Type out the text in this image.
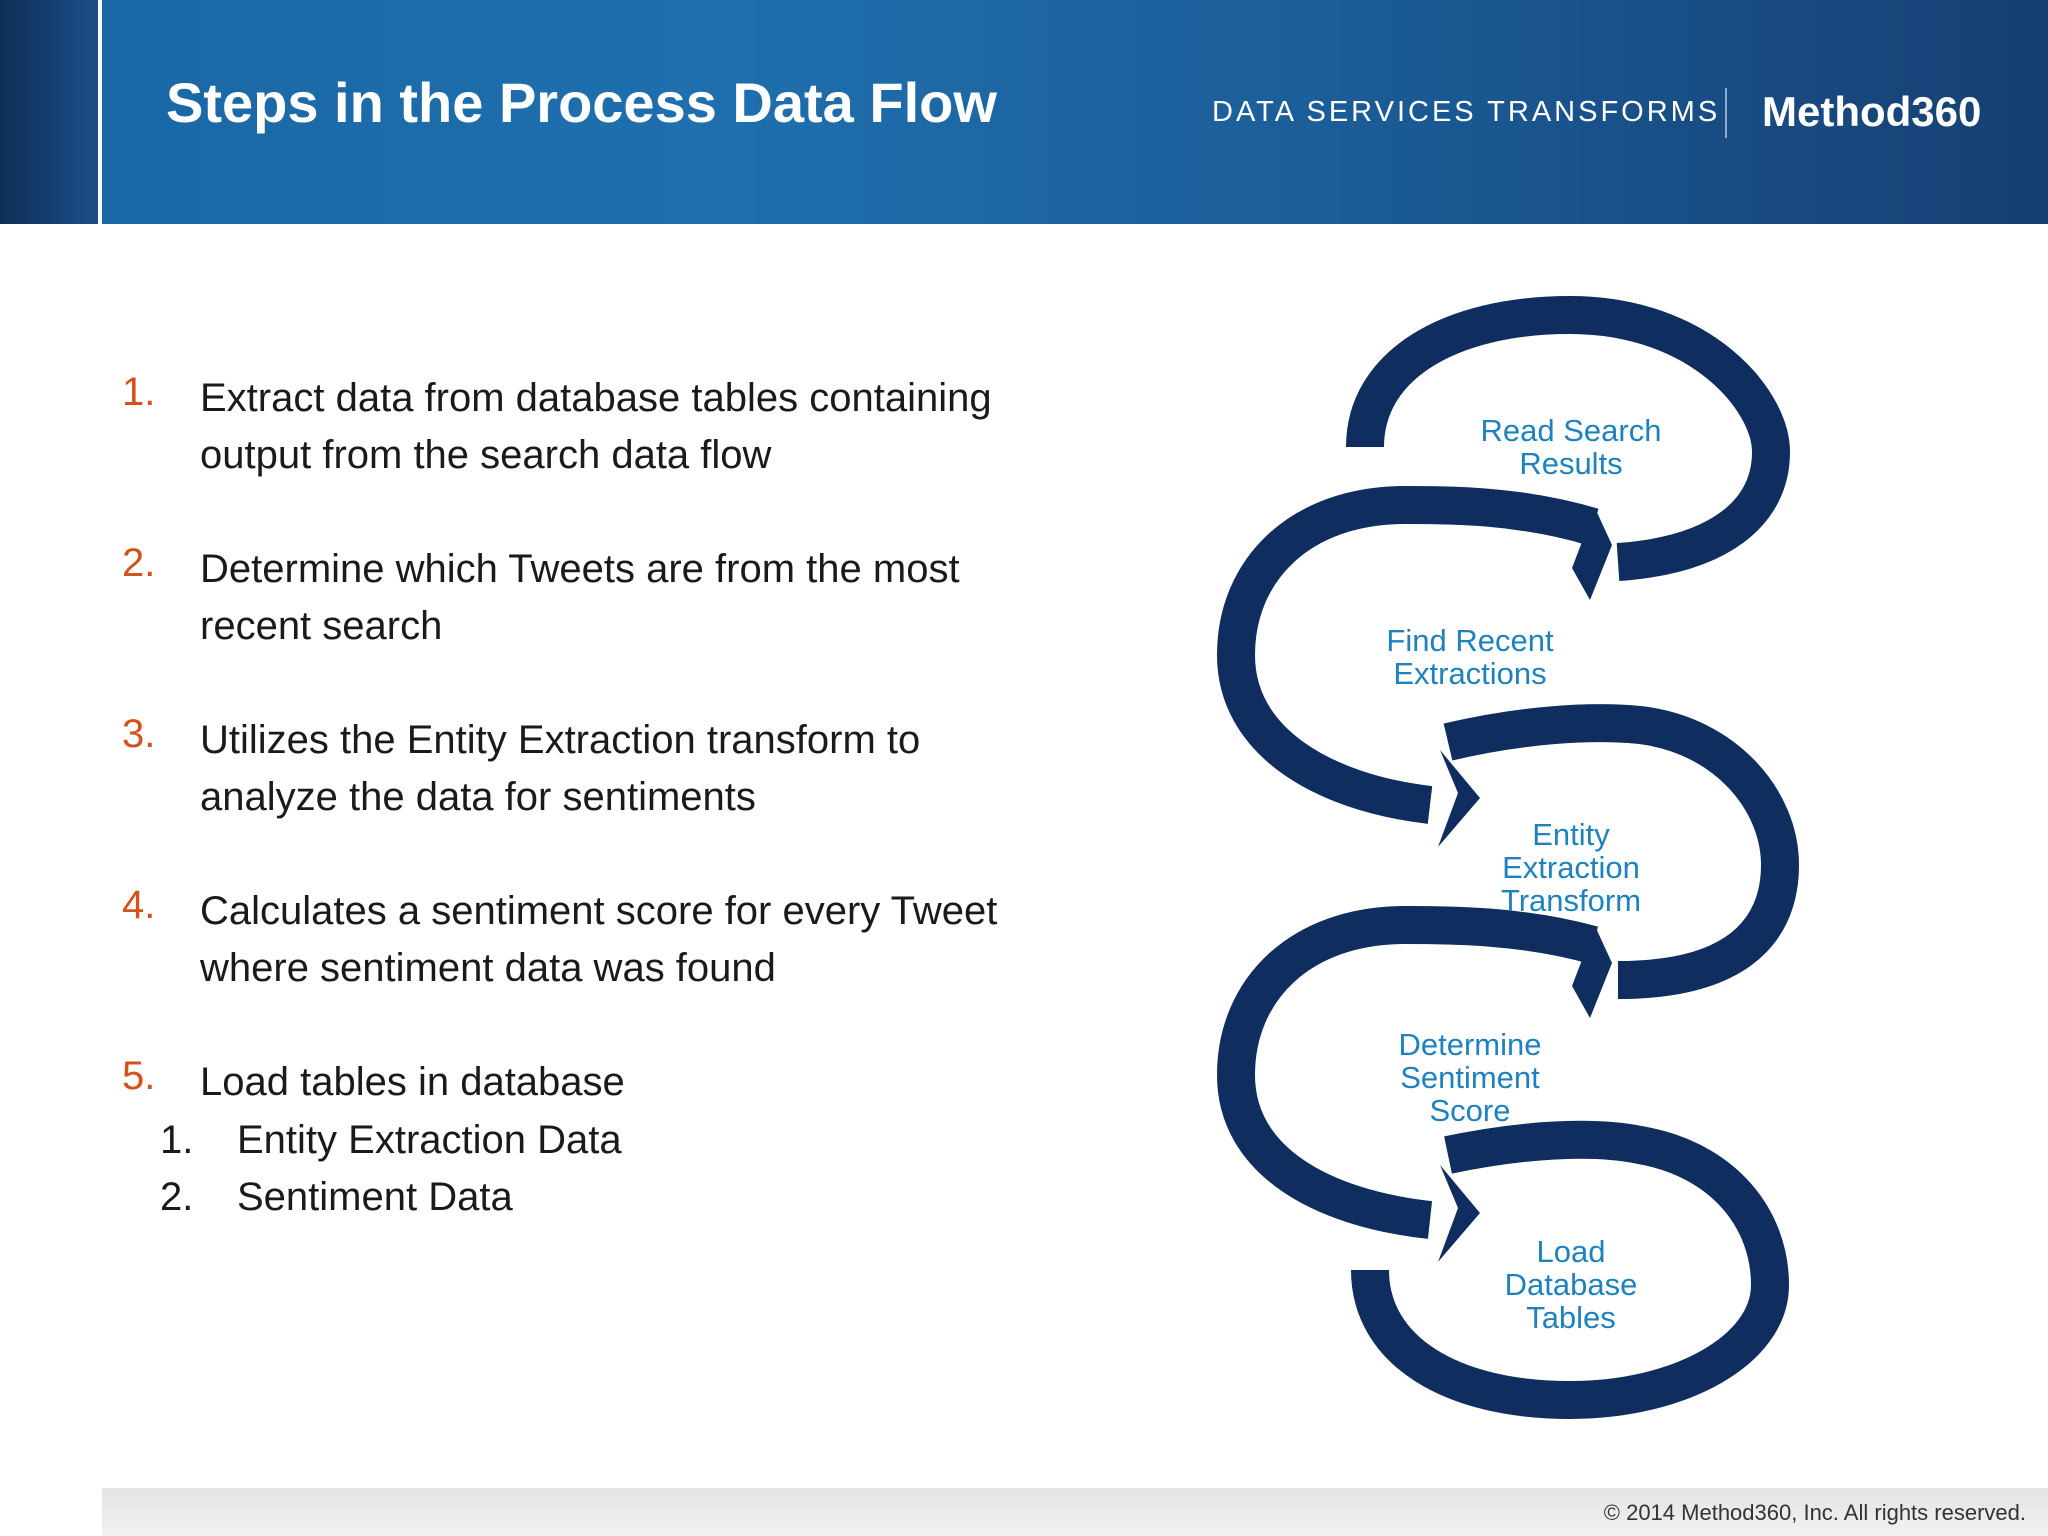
Steps in the Process Data Flow	DATA SERVICES TRANSFORMS Method360
1. Extract data from database tables containing output from the search data flow
2. Determine which Tweets are from the most recent search
3. Utilizes the Entity Extraction transform to analyze the data for sentiments
4. Calculates a sentiment score for every Tweet where sentiment data was found
5. Load tables in database
1. Entity Extraction Data
2. Sentiment Data
Read Search
Results
Find Recent
Extractions
Entity
Extraction
Transform
Determine
Sentiment
Score
Load
Database
Tables
© 2014 Method360, Inc. All rights reserved.
